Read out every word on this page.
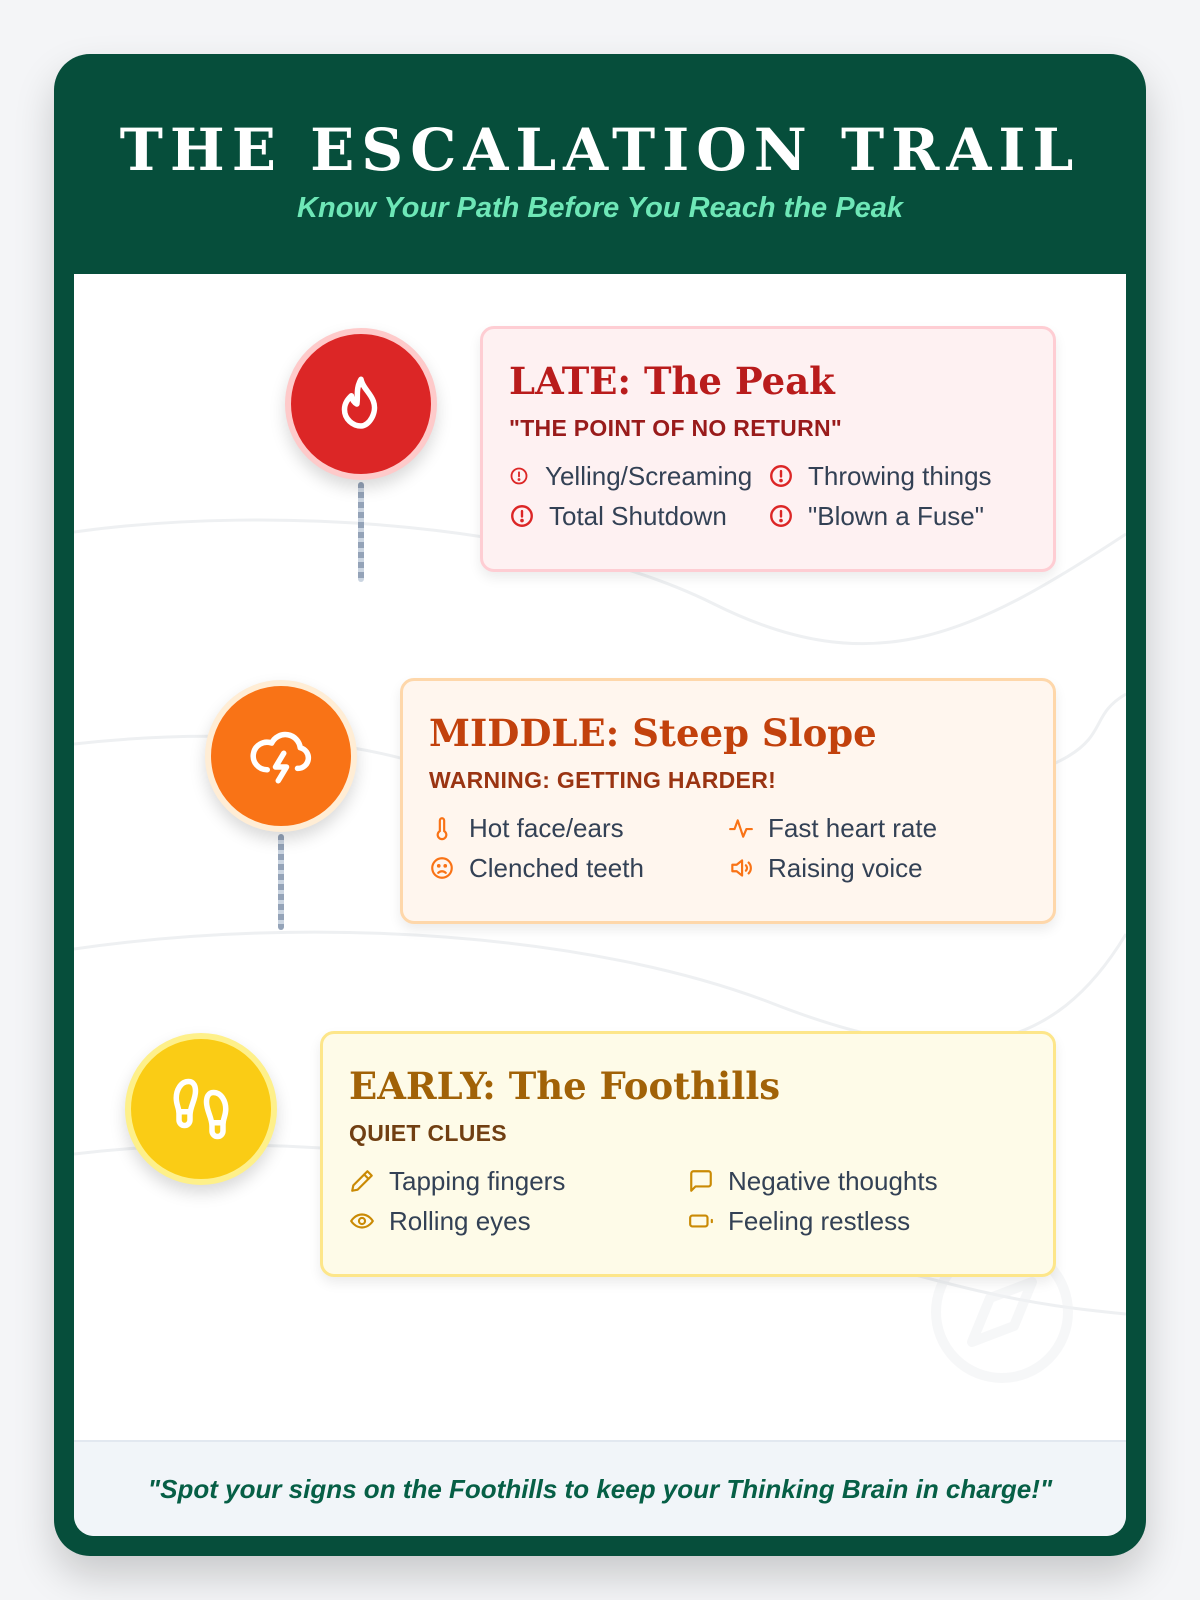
THE ESCALATION TRAIL
Know Your Path Before You Reach the Peak
LATE: The Peak
"THE POINT OF NO RETURN"
Yelling/Screaming Throwing things
Total Shutdown	"Blown a Fuse"
MIDDLE: Steep Slope
WARNING: GETTING HARDER!
Hot face/ears	Fast heart rate
Clenched teeth	Raising voice
EARLY: The Foothills
QUIET CLUES
Tapping fingers	Negative thoughts
Rolling eyes	Feeling restless
"Spot your signs on the Foothills to keep your Thinking Brain in charge!"
